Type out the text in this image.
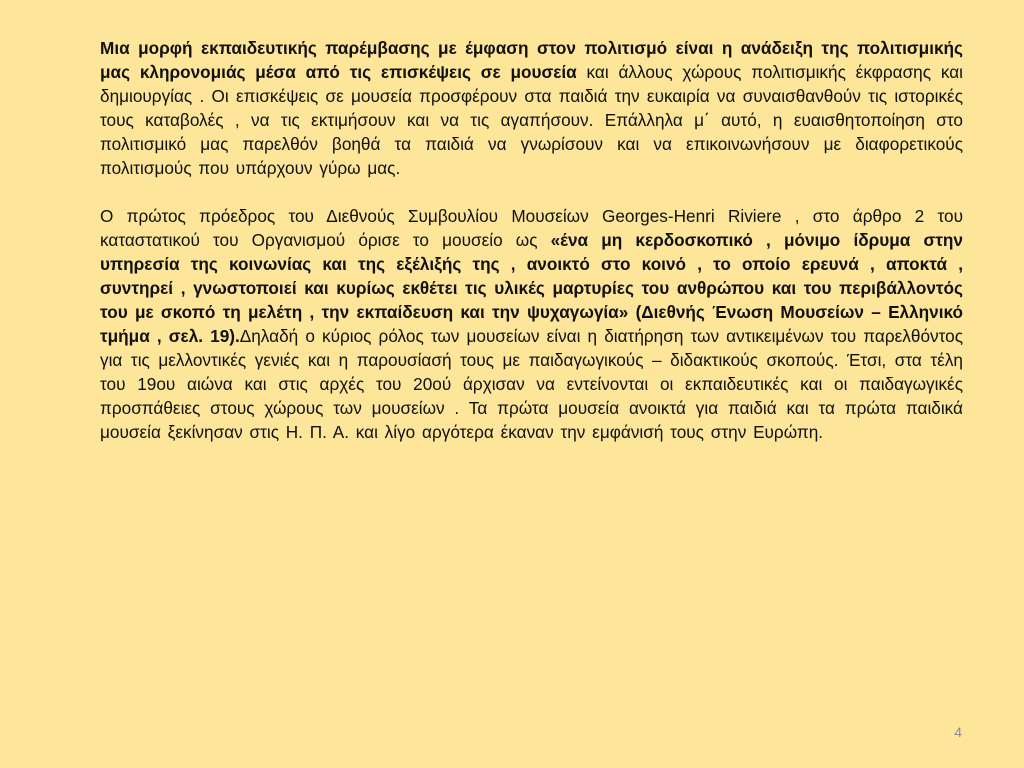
Μια μορφή εκπαιδευτικής παρέμβασης με έμφαση στον πολιτισμό είναι η ανάδειξη της πολιτισμικής μας κληρονομιάς μέσα από τις επισκέψεις σε μουσεία και άλλους χώρους πολιτισμικής έκφρασης και δημιουργίας . Οι επισκέψεις σε μουσεία προσφέρουν στα παιδιά την ευκαιρία να συναισθανθούν τις ιστορικές τους καταβολές , να τις εκτιμήσουν και να τις αγαπήσουν. Επάλληλα μ΄ αυτό, η ευαισθητοποίηση στο πολιτισμικό μας παρελθόν βοηθά τα παιδιά να γνωρίσουν και να επικοινωνήσουν με διαφορετικούς πολιτισμούς που υπάρχουν γύρω μας.

Ο πρώτος πρόεδρος του Διεθνούς Συμβουλίου Μουσείων Georges-Henri Riviere , στο άρθρο 2 του καταστατικού του Οργανισμού όρισε το μουσείο ως «ένα μη κερδοσκοπικό , μόνιμο ίδρυμα στην υπηρεσία της κοινωνίας και της εξέλιξής της , ανοικτό στο κοινό , το οποίο ερευνά , αποκτά , συντηρεί , γνωστοποιεί και κυρίως εκθέτει τις υλικές μαρτυρίες του ανθρώπου και του περιβάλλοντός του με σκοπό τη μελέτη , την εκπαίδευση και την ψυχαγωγία» (Διεθνής Ένωση Μουσείων – Ελληνικό τμήμα , σελ. 19).Δηλαδή ο κύριος ρόλος των μουσείων είναι η διατήρηση των αντικειμένων του παρελθόντος για τις μελλοντικές γενιές και η παρουσίασή τους με παιδαγωγικούς – διδακτικούς σκοπούς. Έτσι, στα τέλη του 19ου αιώνα και στις αρχές του 20ού άρχισαν να εντείνονται οι εκπαιδευτικές και οι παιδαγωγικές προσπάθειες στους χώρους των μουσείων . Τα πρώτα μουσεία ανοικτά για παιδιά και τα πρώτα παιδικά μουσεία ξεκίνησαν στις Η. Π. Α. και λίγο αργότερα έκαναν την εμφάνισή τους στην Ευρώπη.

4
